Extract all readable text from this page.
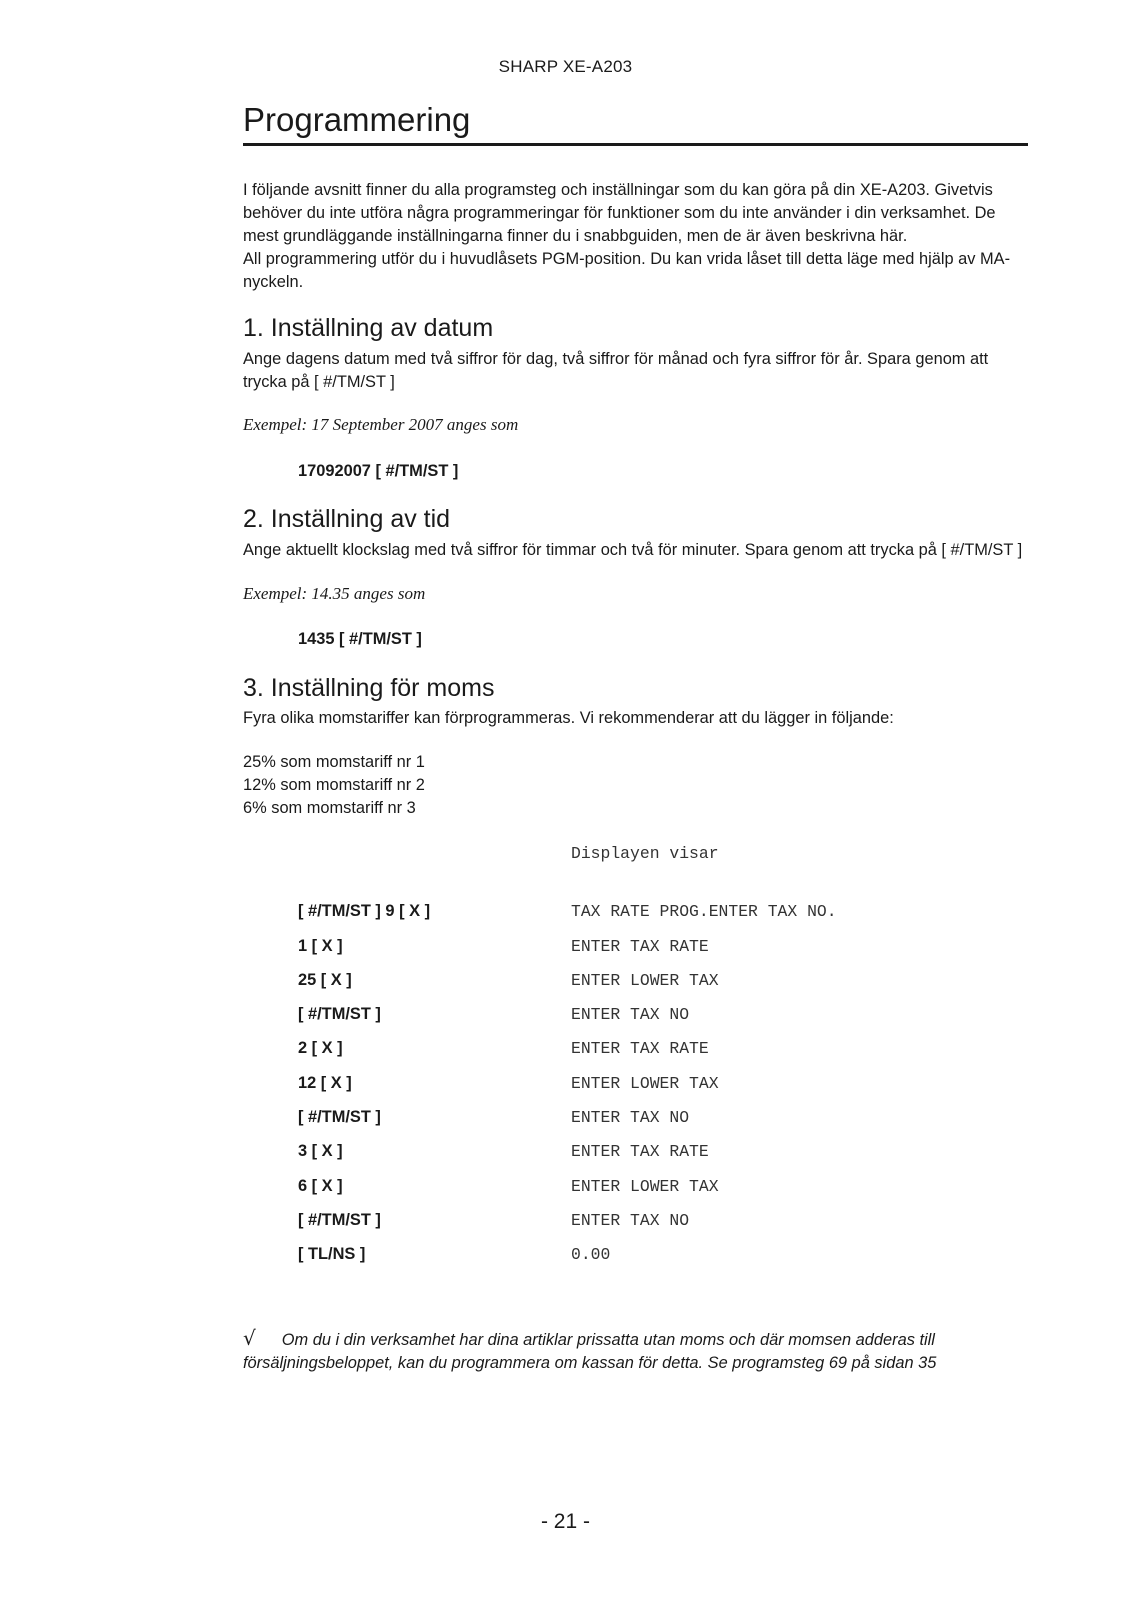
SHARP XE-A203
Programmering

I följande avsnitt finner du alla programsteg och inställningar som du kan göra på din XE-A203. Givetvis behöver du inte utföra några programmeringar för funktioner som du inte använder i din verksamhet. De mest grundläggande inställningarna finner du i snabbguiden, men de är även beskrivna här.

All programmering utför du i huvudlåsets PGM-position. Du kan vrida låset till detta läge med hjälp av MA-nyckeln.

1. Inställning av datum

Ange dagens datum med två siffror för dag, två siffror för månad och fyra siffror för år. Spara genom att trycka på [ #/TM/ST ]

Exempel: 17 September 2007 anges som

17092007 [ #/TM/ST ]

2. Inställning av tid

Ange aktuellt klockslag med två siffror för timmar och två för minuter. Spara genom att trycka på [ #/TM/ST ]

Exempel: 14.35 anges som

1435 [ #/TM/ST ]

3. Inställning för moms

Fyra olika momstariffer kan förprogrammeras. Vi rekommenderar att du lägger in följande:

25% som momstariff nr 1

12% som momstariff nr 2

6% som momstariff nr 3

Displayen visar
[ #/TM/ST ] 9 [ X ]	TAX RATE PROG.ENTER TAX NO.
1 [ X ]	ENTER TAX RATE
25 [ X ]	ENTER LOWER TAX
[ #/TM/ST ]	ENTER TAX NO
2 [ X ]	ENTER TAX RATE
12 [ X ]	ENTER LOWER TAX
[ #/TM/ST ]	ENTER TAX NO
3 [ X ]	ENTER TAX RATE
6 [ X ]	ENTER LOWER TAX
[ #/TM/ST ]	ENTER TAX NO
[ TL/NS ]	0.00

√ Om du i din verksamhet har dina artiklar prissatta utan moms och där momsen adderas till försäljningsbeloppet, kan du programmera om kassan för detta. Se programsteg 69 på sidan 35

- 21 -
